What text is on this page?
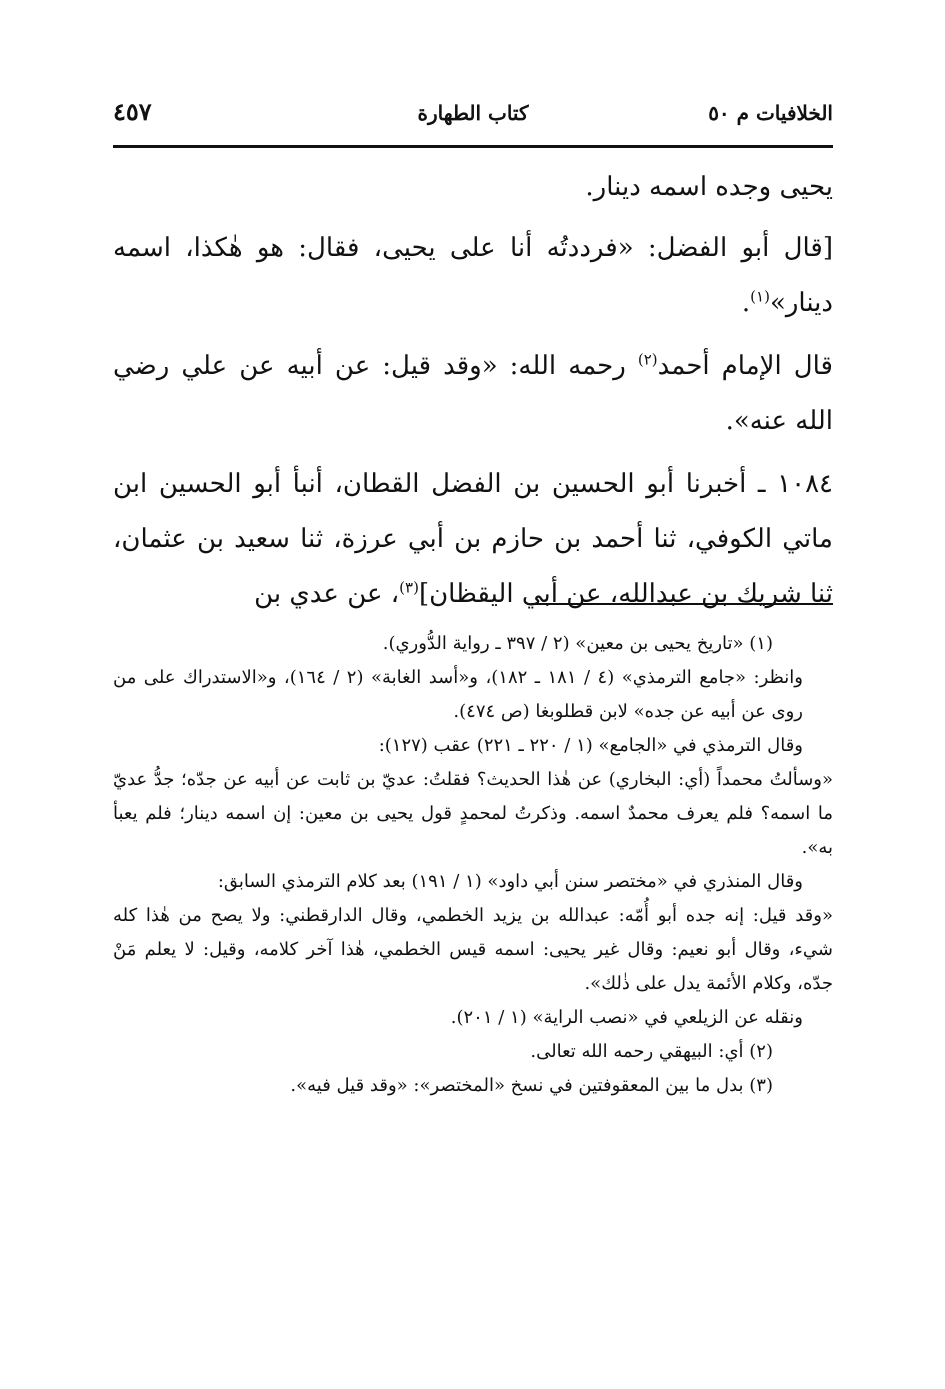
الخلافيات م ٥٠
كتاب الطهارة
٤٥٧

يحيى وجده اسمه دينار.

[قال أبو الفضل: «فرددتُه أنا على يحيى، فقال: هو هٰكذا، اسمه دينار»$^{(١)}$.

قال الإمام أحمد$^{(٢)}$ رحمه الله: «وقد قيل: عن أبيه عن علي رضي الله عنه».

١٠٨٤ ـ أخبرنا أبو الحسين بن الفضل القطان، أنبأ أبو الحسين ابن ماتي الكوفي، ثنا أحمد بن حازم بن أبي عرزة، ثنا سعيد بن عثمان، ثنا شريك بن عبدالله، عن أبي اليقظان]$^{(٣)}$، عن عدي بن

(١) «تاريخ يحيى بن معين» (٢ / ٣٩٧ ـ رواية الدُّوري).

وانظر: «جامع الترمذي» (٤ / ١٨١ ـ ١٨٢)، و«أسد الغابة» (٢ / ١٦٤)، و«الاستدراك على من روى عن أبيه عن جده» لابن قطلوبغا (ص ٤٧٤).

وقال الترمذي في «الجامع» (١ / ٢٢٠ ـ ٢٢١) عقب (١٢٧):

«وسألتُ محمداً (أي: البخاري) عن هٰذا الحديث؟ فقلتُ: عديّ بن ثابت عن أبيه عن جدّه؛ جدُّ عديّ ما اسمه؟ فلم يعرف محمدٌ اسمه. وذكرتُ لمحمدٍ قول يحيى بن معين: إن اسمه دينار؛ فلم يعبأ به».

وقال المنذري في «مختصر سنن أبي داود» (١ / ١٩١) بعد كلام الترمذي السابق:

«وقد قيل: إنه جده أبو أُمّه: عبدالله بن يزيد الخطمي، وقال الدارقطني: ولا يصح من هٰذا كله شيء، وقال أبو نعيم: وقال غير يحيى: اسمه قيس الخطمي، هٰذا آخر كلامه، وقيل: لا يعلم مَنْ جدّه، وكلام الأئمة يدل على ذٰلك».

ونقله عن الزيلعي في «نصب الراية» (١ / ٢٠١).

(٢) أي: البيهقي رحمه الله تعالى.

(٣) بدل ما بين المعقوفتين في نسخ «المختصر»: «وقد قيل فيه».
